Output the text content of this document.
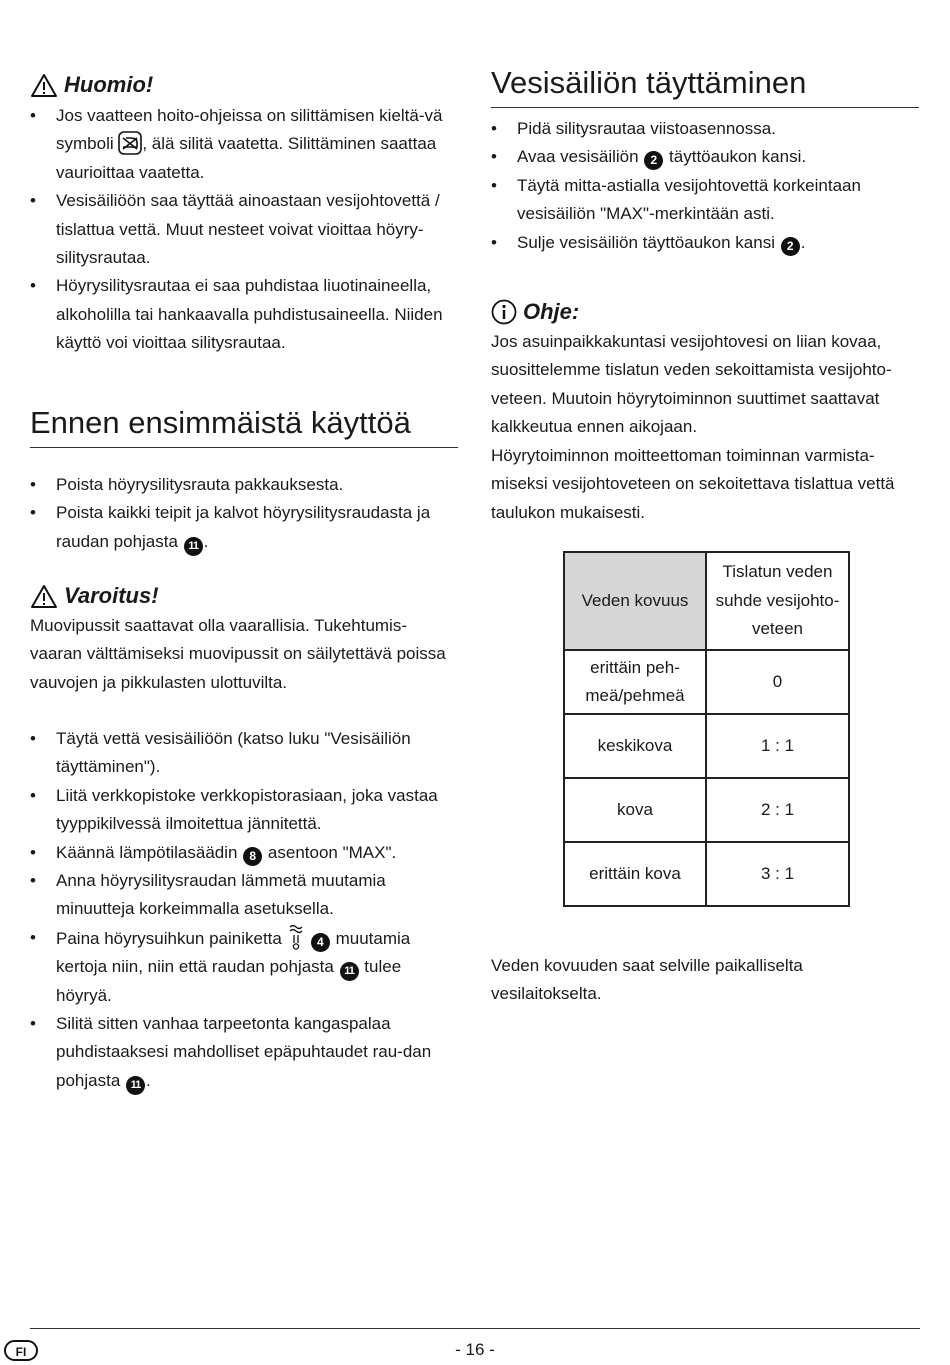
Huomio!
• Jos vaatteen hoito-ohjeissa on silittämisen kieltä-vä symboli , älä silitä vaatetta. Silittäminen saattaa vaurioittaa vaatetta.
• Vesisäiliöön saa täyttää ainoastaan vesijohtovettä / tislattua vettä. Muut nesteet voivat vioittaa höyry-silitysrautaa.
• Höyrysilitysrautaa ei saa puhdistaa liuotinaineella, alkoholilla tai hankaavalla puhdistusaineella. Niiden käyttö voi vioittaa silitysrautaa.
Ennen ensimmäistä käyttöä
• Poista höyrysilitysrauta pakkauksesta.
• Poista kaikki teipit ja kalvot höyrysilitysraudasta ja raudan pohjasta 11 .
Varoitus!

Muovipussit saattavat olla vaarallisia. Tukehtumis-vaaran välttämiseksi muovipussit on säilytettävä poissa vauvojen ja pikkulasten ulottuvilta.

• Täytä vettä vesisäiliöön (katso luku "Vesisäiliön täyttäminen").
• Liitä verkkopistoke verkkopistorasiaan, joka vastaa tyyppikilvessä ilmoitettua jännitettä.
• Käännä lämpötilasäädin 8 asentoon "MAX".
• Anna höyrysilitysraudan lämmetä muutamia minuutteja korkeimmalla asetuksella.
• Paina höyrysuihkun painiketta	4 muutamia kertoja niin, niin että raudan pohjasta 11 tulee höyryä.
• Silitä sitten vanhaa tarpeetonta kangaspalaa puhdistaaksesi mahdolliset epäpuhtaudet rau-dan pohjasta 11 .
Vesisäiliön täyttäminen
• Pidä silitysrautaa viistoasennossa.
• Avaa vesisäiliön 2 täyttöaukon kansi.
• Täytä mitta-astialla vesijohtovettä korkeintaan vesisäiliön "MAX"-merkintään asti.
• Sulje vesisäiliön täyttöaukon kansi 2 .
Ohje:

Jos asuinpaikkakuntasi vesijohtovesi on liian kovaa, suosittelemme tislatun veden sekoittamista vesijohto-veteen. Muutoin höyrytoiminnon suuttimet saattavat kalkkeutua ennen aikojaan.

Höyrytoiminnon moitteettoman toiminnan varmista-miseksi vesijohtoveteen on sekoitettava tislattua vettä taulukon mukaisesti.

Veden kovuus	Tislatun veden suhde vesijohto-veteen
erittäin peh-meä/pehmeä	0
keskikova	1 : 1
kova	2 : 1
erittäin kova	3 : 1

Veden kovuuden saat selville paikalliselta vesilaitokselta.

FI	- 16 -
